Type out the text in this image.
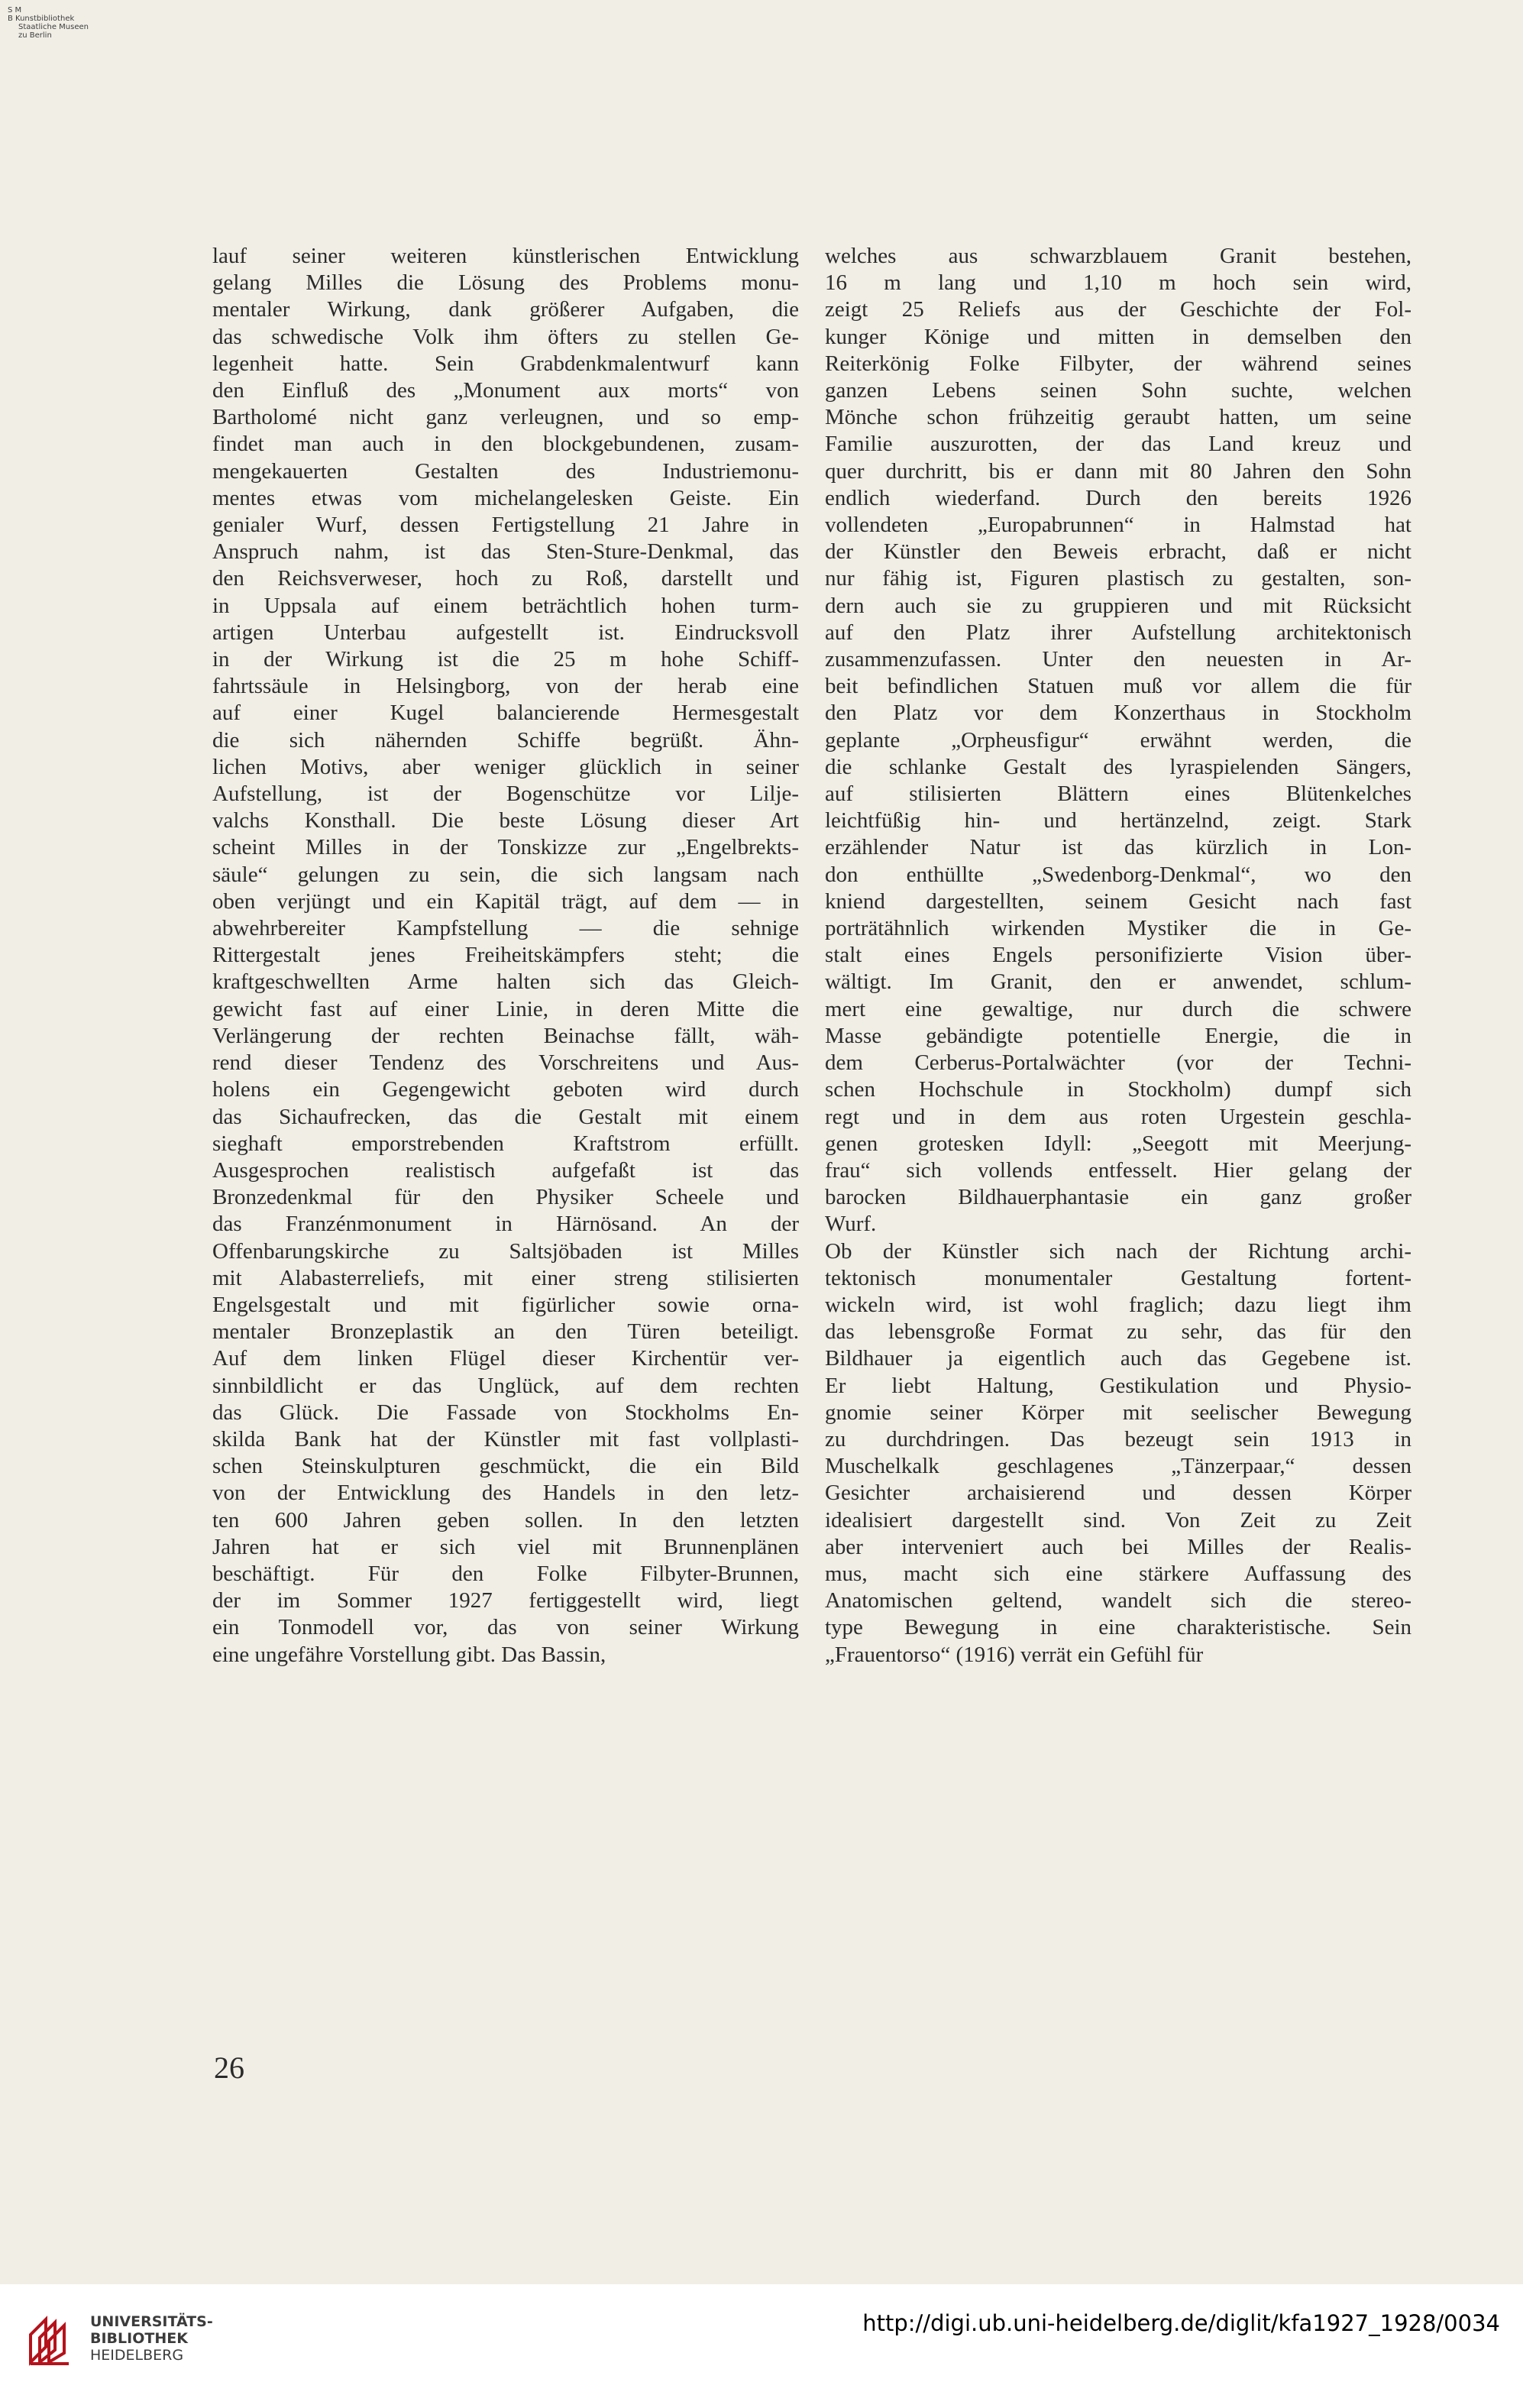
S M
B Kunstbibliothek
Staatliche Museen
zu Berlin

lauf seiner weiteren künstlerischen Entwicklung

gelang Milles die Lösung des Problems monu-

mentaler Wirkung, dank größerer Aufgaben, die

das schwedische Volk ihm öfters zu stellen Ge-

legenheit hatte. Sein Grabdenkmalentwurf kann

den Einfluß des „Monument aux morts“ von

Bartholomé nicht ganz verleugnen, und so emp-

findet man auch in den blockgebundenen, zusam-

mengekauerten Gestalten des Industriemonu-

mentes etwas vom michelangelesken Geiste. Ein

genialer Wurf, dessen Fertigstellung 21 Jahre in

Anspruch nahm, ist das Sten-Sture-Denkmal, das

den Reichsverweser, hoch zu Roß, darstellt und

in Uppsala auf einem beträchtlich hohen turm-

artigen Unterbau aufgestellt ist. Eindrucksvoll

in der Wirkung ist die 25 m hohe Schiff-

fahrtssäule in Helsingborg, von der herab eine

auf einer Kugel balancierende Hermesgestalt

die sich nähernden Schiffe begrüßt. Ähn-

lichen Motivs, aber weniger glücklich in seiner

Aufstellung, ist der Bogenschütze vor Lilje-

valchs Konsthall. Die beste Lösung dieser Art

scheint Milles in der Tonskizze zur „Engelbrekts-

säule“ gelungen zu sein, die sich langsam nach

oben verjüngt und ein Kapitäl trägt, auf dem — in

abwehrbereiter Kampfstellung — die sehnige

Rittergestalt jenes Freiheitskämpfers steht; die

kraftgeschwellten Arme halten sich das Gleich-

gewicht fast auf einer Linie, in deren Mitte die

Verlängerung der rechten Beinachse fällt, wäh-

rend dieser Tendenz des Vorschreitens und Aus-

holens ein Gegengewicht geboten wird durch

das Sichaufrecken, das die Gestalt mit einem

sieghaft emporstrebenden Kraftstrom erfüllt.

Ausgesprochen realistisch aufgefaßt ist das

Bronzedenkmal für den Physiker Scheele und

das Franzénmonument in Härnösand. An der

Offenbarungskirche zu Saltsjöbaden ist Milles

mit Alabasterreliefs, mit einer streng stilisierten

Engelsgestalt und mit figürlicher sowie orna-

mentaler Bronzeplastik an den Türen beteiligt.

Auf dem linken Flügel dieser Kirchentür ver-

sinnbildlicht er das Unglück, auf dem rechten

das Glück. Die Fassade von Stockholms En-

skilda Bank hat der Künstler mit fast vollplasti-

schen Steinskulpturen geschmückt, die ein Bild

von der Entwicklung des Handels in den letz-

ten 600 Jahren geben sollen. In den letzten

Jahren hat er sich viel mit Brunnenplänen

beschäftigt. Für den Folke Filbyter-Brunnen,

der im Sommer 1927 fertiggestellt wird, liegt

ein Tonmodell vor, das von seiner Wirkung

eine ungefähre Vorstellung gibt. Das Bassin,

welches aus schwarzblauem Granit bestehen,

16 m lang und 1,10 m hoch sein wird,

zeigt 25 Reliefs aus der Geschichte der Fol-

kunger Könige und mitten in demselben den

Reiterkönig Folke Filbyter, der während seines

ganzen Lebens seinen Sohn suchte, welchen

Mönche schon frühzeitig geraubt hatten, um seine

Familie auszurotten, der das Land kreuz und

quer durchritt, bis er dann mit 80 Jahren den Sohn

endlich wiederfand. Durch den bereits 1926

vollendeten „Europabrunnen“ in Halmstad hat

der Künstler den Beweis erbracht, daß er nicht

nur fähig ist, Figuren plastisch zu gestalten, son-

dern auch sie zu gruppieren und mit Rücksicht

auf den Platz ihrer Aufstellung architektonisch

zusammenzufassen. Unter den neuesten in Ar-

beit befindlichen Statuen muß vor allem die für

den Platz vor dem Konzerthaus in Stockholm

geplante „Orpheusfigur“ erwähnt werden, die

die schlanke Gestalt des lyraspielenden Sängers,

auf stilisierten Blättern eines Blütenkelches

leichtfüßig hin- und hertänzelnd, zeigt. Stark

erzählender Natur ist das kürzlich in Lon-

don enthüllte „Swedenborg-Denkmal“, wo den

kniend dargestellten, seinem Gesicht nach fast

porträtähnlich wirkenden Mystiker die in Ge-

stalt eines Engels personifizierte Vision über-

wältigt. Im Granit, den er anwendet, schlum-

mert eine gewaltige, nur durch die schwere

Masse gebändigte potentielle Energie, die in

dem Cerberus-Portalwächter (vor der Techni-

schen Hochschule in Stockholm) dumpf sich

regt und in dem aus roten Urgestein geschla-

genen grotesken Idyll: „Seegott mit Meerjung-

frau“ sich vollends entfesselt. Hier gelang der

barocken Bildhauerphantasie ein ganz großer

Wurf.

Ob der Künstler sich nach der Richtung archi-

tektonisch monumentaler Gestaltung fortent-

wickeln wird, ist wohl fraglich; dazu liegt ihm

das lebensgroße Format zu sehr, das für den

Bildhauer ja eigentlich auch das Gegebene ist.

Er liebt Haltung, Gestikulation und Physio-

gnomie seiner Körper mit seelischer Bewegung

zu durchdringen. Das bezeugt sein 1913 in

Muschelkalk geschlagenes „Tänzerpaar,“ dessen

Gesichter archaisierend und dessen Körper

idealisiert dargestellt sind. Von Zeit zu Zeit

aber interveniert auch bei Milles der Realis-

mus, macht sich eine stärkere Auffassung des

Anatomischen geltend, wandelt sich die stereo-

type Bewegung in eine charakteristische. Sein

„Frauentorso“ (1916) verrät ein Gefühl für

26
UNIVERSITÄTS-
BIBLIOTHEK
HEIDELBERG
http://digi.ub.uni-heidelberg.de/diglit/kfa1927_1928/0034
